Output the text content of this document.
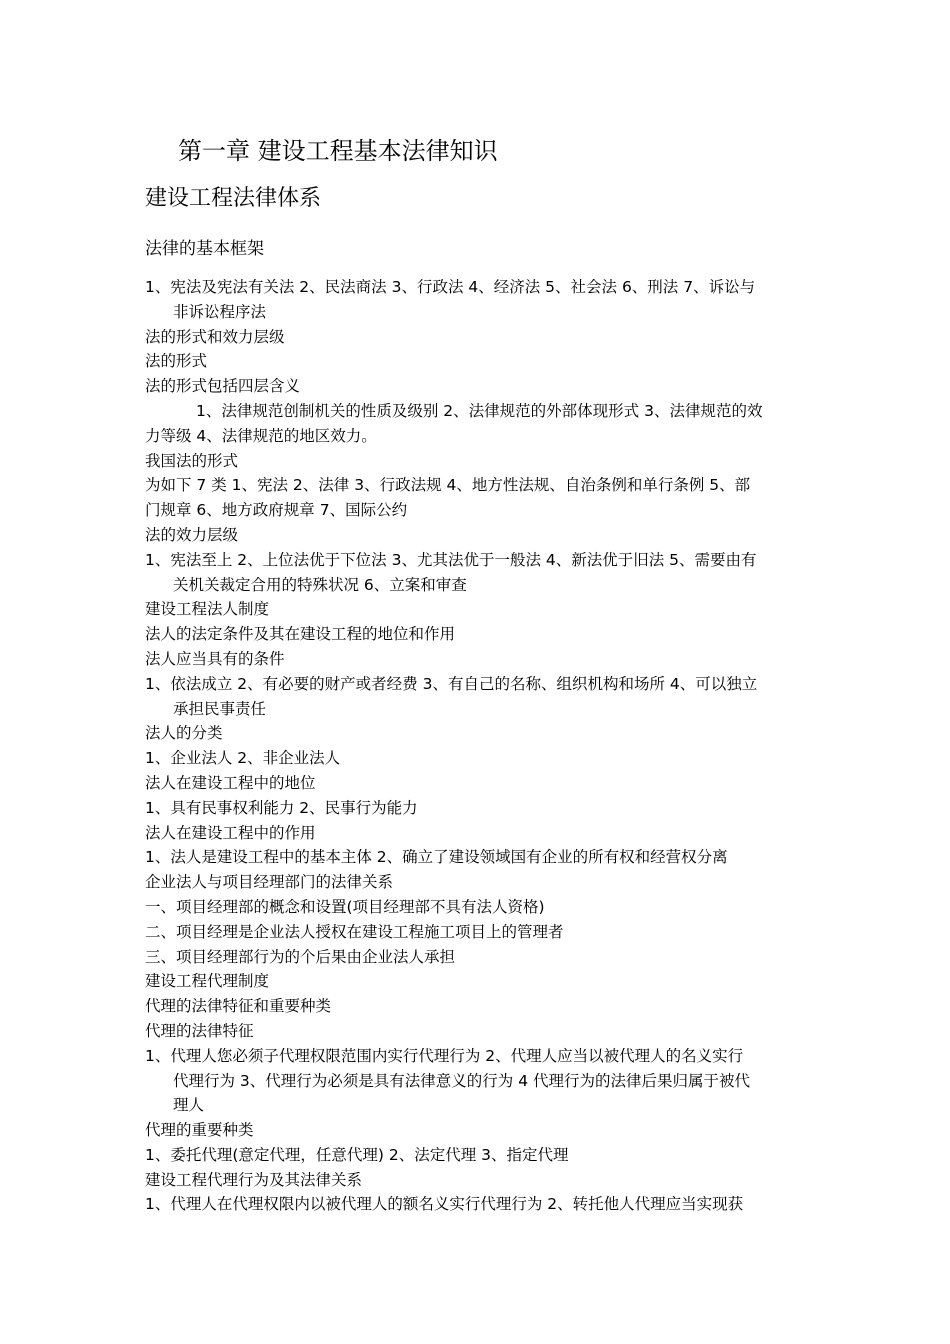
第一章 建设工程基本法律知识
建设工程法律体系
法律的基本框架
1、宪法及宪法有关法 2、民法商法 3、行政法 4、经济法 5、社会法 6、刑法 7、诉讼与
非诉讼程序法
法的形式和效力层级
法的形式
法的形式包括四层含义
1、法律规范创制机关的性质及级别 2、法律规范的外部体现形式 3、法律规范的效
力等级 4、法律规范的地区效力。
我国法的形式
为如下 7 类 1、宪法 2、法律 3、行政法规 4、地方性法规、自治条例和单行条例 5、部
门规章 6、地方政府规章 7、国际公约
法的效力层级
1、宪法至上 2、上位法优于下位法 3、尤其法优于一般法 4、新法优于旧法 5、需要由有
关机关裁定合用的特殊状况 6、立案和审查
建设工程法人制度
法人的法定条件及其在建设工程的地位和作用
法人应当具有的条件
1、依法成立 2、有必要的财产或者经费 3、有自己的名称、组织机构和场所 4、可以独立
承担民事责任
法人的分类
1、企业法人 2、非企业法人
法人在建设工程中的地位
1、具有民事权利能力 2、民事行为能力
法人在建设工程中的作用
1、法人是建设工程中的基本主体 2、确立了建设领域国有企业的所有权和经营权分离
企业法人与项目经理部门的法律关系
一、项目经理部的概念和设置(项目经理部不具有法人资格)
二、项目经理是企业法人授权在建设工程施工项目上的管理者
三、项目经理部行为的个后果由企业法人承担
建设工程代理制度
代理的法律特征和重要种类
代理的法律特征
1、代理人您必须子代理权限范围内实行代理行为 2、代理人应当以被代理人的名义实行
代理行为 3、代理行为必须是具有法律意义的行为 4 代理行为的法律后果归属于被代
理人
代理的重要种类
1、委托代理(意定代理，任意代理) 2、法定代理 3、指定代理
建设工程代理行为及其法律关系
1、代理人在代理权限内以被代理人的额名义实行代理行为 2、转托他人代理应当实现获
